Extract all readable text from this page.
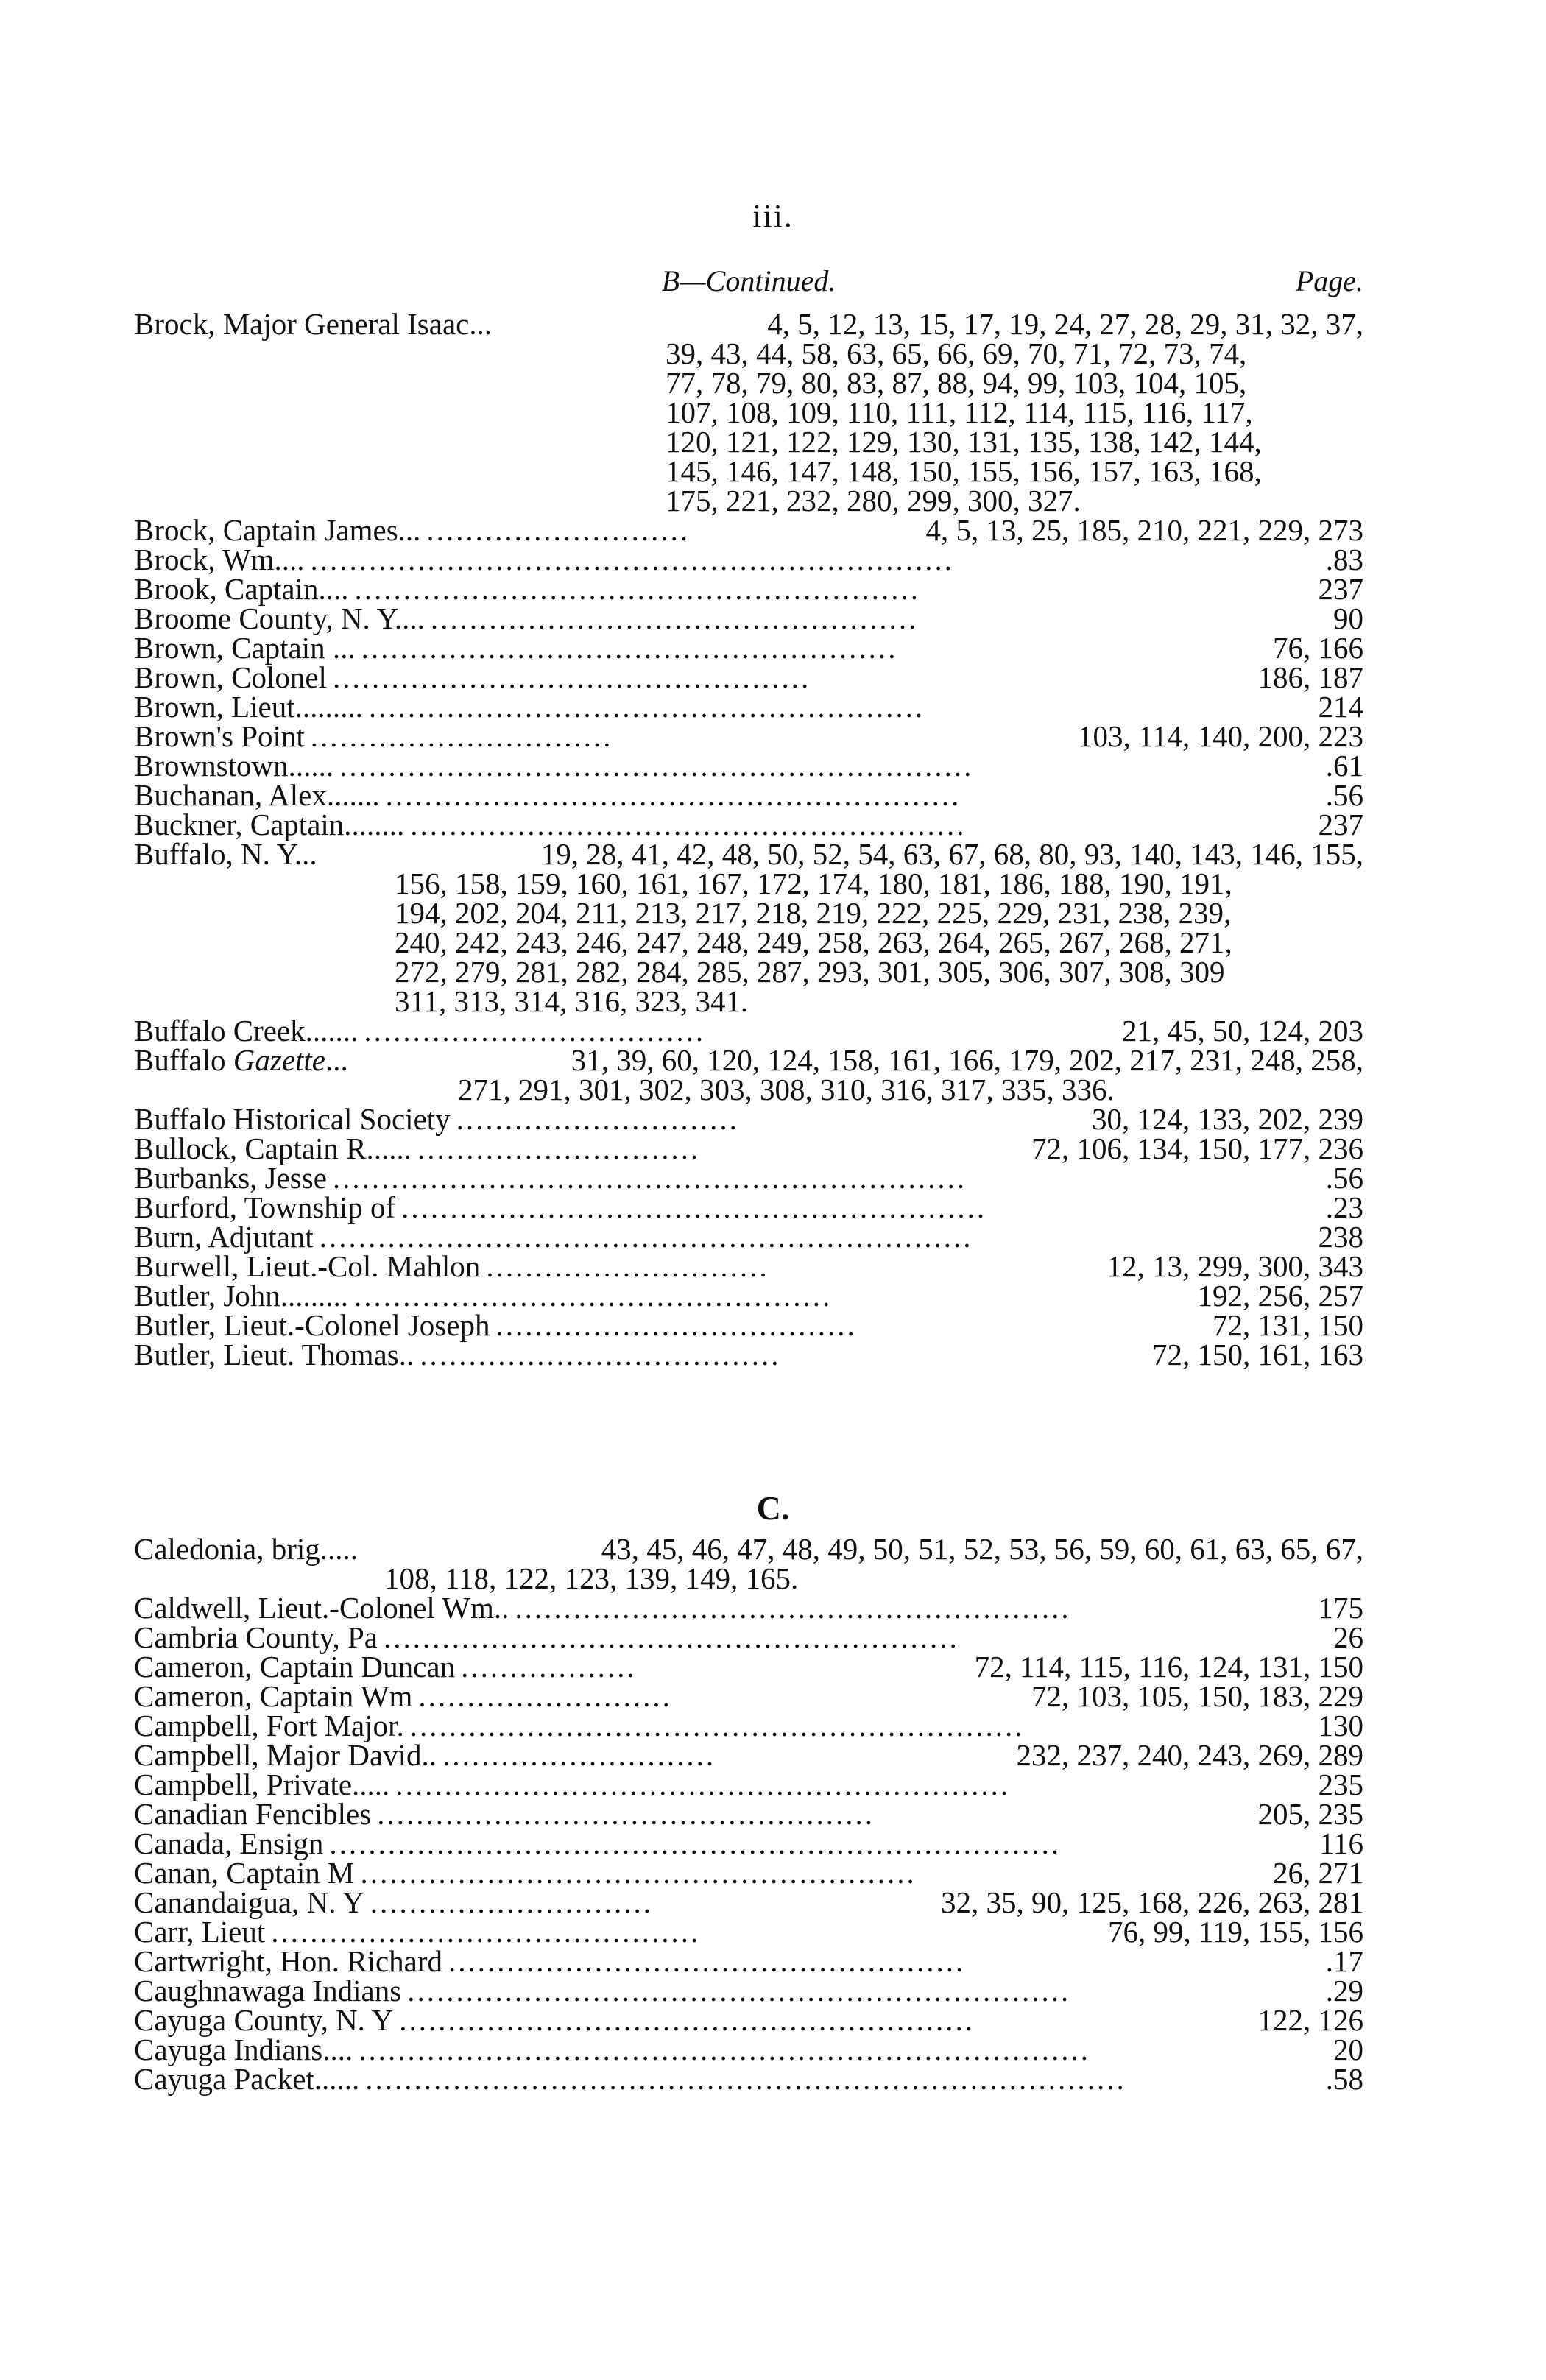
iii.
B—Continued.	Page.
Brock, Major General Isaac...	4, 5, 12, 13, 15, 17, 19, 24, 27, 28, 29, 31, 32, 37,
39, 43, 44, 58, 63, 65, 66, 69, 70, 71, 72, 73, 74,
77, 78, 79, 80, 83, 87, 88, 94, 99, 103, 104, 105,
107, 108, 109, 110, 111, 112, 114, 115, 116, 117,
120, 121, 122, 129, 130, 131, 135, 138, 142, 144,
145, 146, 147, 148, 150, 155, 156, 157, 163, 168,
175, 221, 232, 280, 299, 300, 327.
Brock, Captain James... ...........................	4, 5, 13, 25, 185, 210, 221, 229, 273
Brock, Wm.... ..................................................................	.83
Brook, Captain.... ..........................................................	237
Broome County, N. Y.... ..................................................	90
Brown, Captain ... .......................................................	76, 166
Brown, Colonel .................................................	186, 187
Brown, Lieut......... .........................................................	214
Brown's Point ...............................	103, 114, 140, 200, 223
Brownstown...... .................................................................	.61
Buchanan, Alex....... ...........................................................	.56
Buckner, Captain........ .........................................................	237
Buffalo, N. Y...	19, 28, 41, 42, 48, 50, 52, 54, 63, 67, 68, 80, 93, 140, 143, 146, 155,
156, 158, 159, 160, 161, 167, 172, 174, 180, 181, 186, 188, 190, 191,
194, 202, 204, 211, 213, 217, 218, 219, 222, 225, 229, 231, 238, 239,
240, 242, 243, 246, 247, 248, 249, 258, 263, 264, 265, 267, 268, 271,
272, 279, 281, 282, 284, 285, 287, 293, 301, 305, 306, 307, 308, 309
311, 313, 314, 316, 323, 341.
Buffalo Creek....... ...................................	21, 45, 50, 124, 203
Buffalo Gazette...	31, 39, 60, 120, 124, 158, 161, 166, 179, 202, 217, 231, 248, 258,
271, 291, 301, 302, 303, 308, 310, 316, 317, 335, 336.
Buffalo Historical Society .............................	30, 124, 133, 202, 239
Bullock, Captain R...... .............................	72, 106, 134, 150, 177, 236
Burbanks, Jesse .................................................................	.56
Burford, Township of ............................................................	.23
Burn, Adjutant ...................................................................	238
Burwell, Lieut.-Col. Mahlon .............................	12, 13, 299, 300, 343
Butler, John......... .................................................	192, 256, 257
Butler, Lieut.-Colonel Joseph .....................................	72, 131, 150
Butler, Lieut. Thomas.. .....................................	72, 150, 161, 163
C.
Caledonia, brig.....	43, 45, 46, 47, 48, 49, 50, 51, 52, 53, 56, 59, 60, 61, 63, 65, 67,
108, 118, 122, 123, 139, 149, 165.
Caldwell, Lieut.-Colonel Wm.. .........................................................	175
Cambria County, Pa ...........................................................	26
Cameron, Captain Duncan ..................	72, 114, 115, 116, 124, 131, 150
Cameron, Captain Wm ..........................	72, 103, 105, 150, 183, 229
Campbell, Fort Major. ...............................................................	130
Campbell, Major David.. ............................	232, 237, 240, 243, 269, 289
Campbell, Private..... ...............................................................	235
Canadian Fencibles ...................................................	205, 235
Canada, Ensign ...........................................................................	116
Canan, Captain M .........................................................	26, 271
Canandaigua, N. Y .............................	32, 35, 90, 125, 168, 226, 263, 281
Carr, Lieut ............................................	76, 99, 119, 155, 156
Cartwright, Hon. Richard .....................................................	.17
Caughnawaga Indians ....................................................................	.29
Cayuga County, N. Y ...........................................................	122, 126
Cayuga Indians.... ...........................................................................	20
Cayuga Packet...... ..............................................................................	.58
